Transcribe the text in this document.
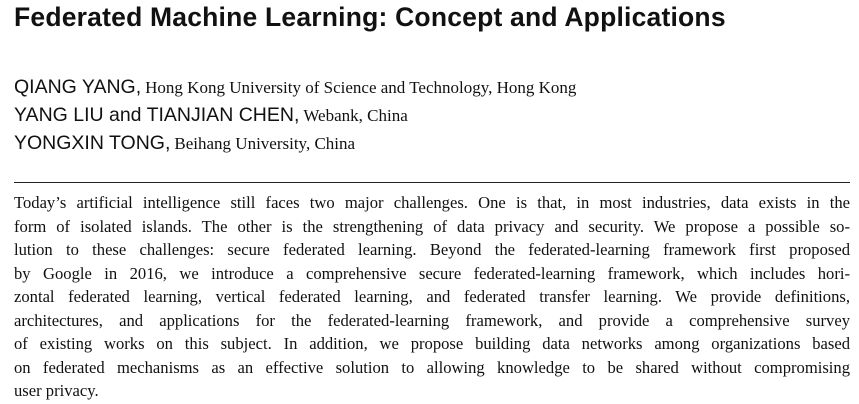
Federated Machine Learning: Concept and Applications
QIANG YANG, Hong Kong University of Science and Technology, Hong Kong
YANG LIU and TIANJIAN CHEN, Webank, China
YONGXIN TONG, Beihang University, China
Today’s artificial intelligence still faces two major challenges. One is that, in most industries, data exists in the
form of isolated islands. The other is the strengthening of data privacy and security. We propose a possible so-
lution to these challenges: secure federated learning. Beyond the federated-learning framework first proposed
by Google in 2016, we introduce a comprehensive secure federated-learning framework, which includes hori-
zontal federated learning, vertical federated learning, and federated transfer learning. We provide definitions,
architectures, and applications for the federated-learning framework, and provide a comprehensive survey
of existing works on this subject. In addition, we propose building data networks among organizations based
on federated mechanisms as an effective solution to allowing knowledge to be shared without compromising
user privacy.
